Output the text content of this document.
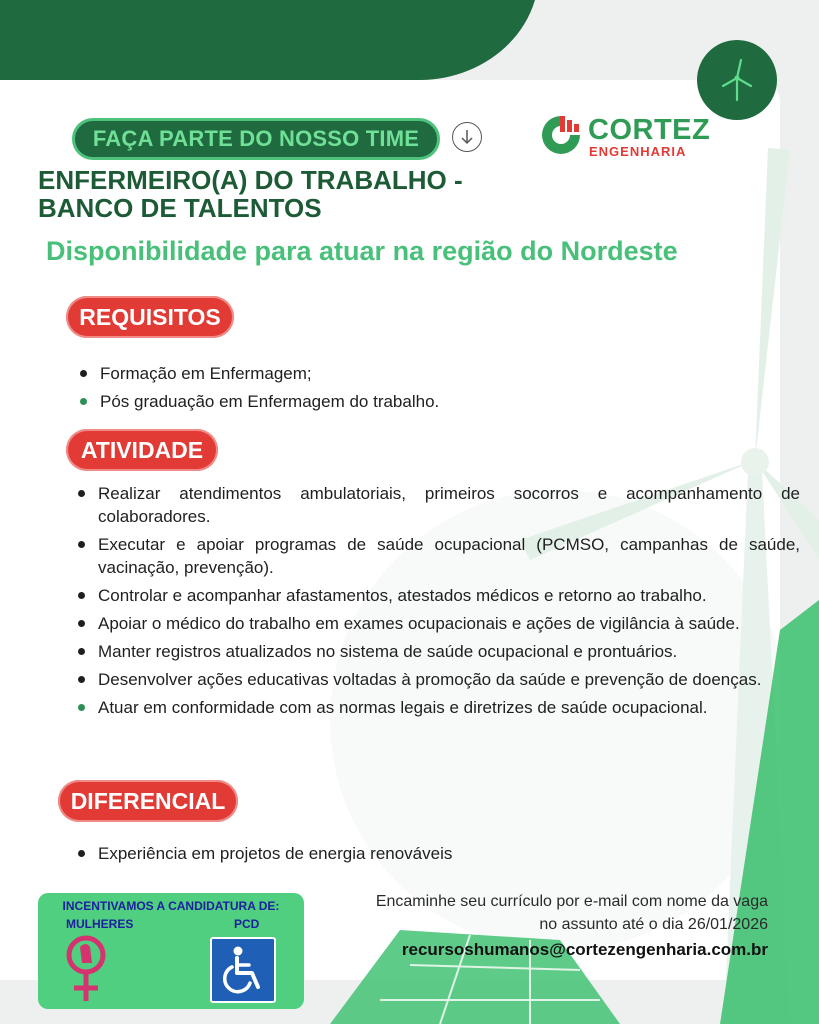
FAÇA PARTE DO NOSSO TIME	CORTEZ
ENGENHARIA
ENFERMEIRO(A) DO TRABALHO -
BANCO DE TALENTOS
Disponibilidade para atuar na região do Nordeste
REQUISITOS
Formação em Enfermagem;
Pós graduação em Enfermagem do trabalho.
ATIVIDADE
Realizar atendimentos ambulatoriais, primeiros socorros e acompanhamento de colaboradores.
Executar e apoiar programas de saúde ocupacional (PCMSO, campanhas de saúde, vacinação, prevenção).
Controlar e acompanhar afastamentos, atestados médicos e retorno ao trabalho.
Apoiar o médico do trabalho em exames ocupacionais e ações de vigilância à saúde.
Manter registros atualizados no sistema de saúde ocupacional e prontuários.
Desenvolver ações educativas voltadas à promoção da saúde e prevenção de doenças.
Atuar em conformidade com as normas legais e diretrizes de saúde ocupacional.
DIFERENCIAL
Experiência em projetos de energia renováveis
INCENTIVAMOS A CANDIDATURA DE:
MULHERES	PCD
Encaminhe seu currículo por e-mail com nome da vaga
no assunto até o dia 26/01/2026
recursoshumanos@cortezengenharia.com.br
